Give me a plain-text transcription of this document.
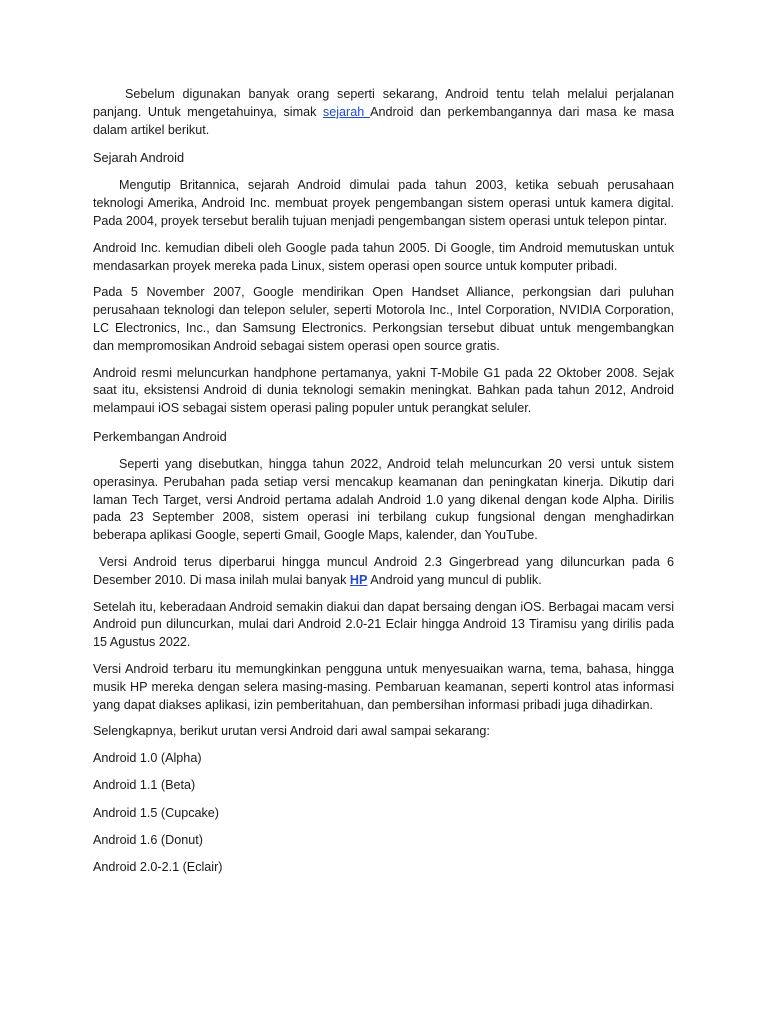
Sebelum digunakan banyak orang seperti sekarang, Android tentu telah melalui perjalanan panjang. Untuk mengetahuinya, simak sejarah Android dan perkembangannya dari masa ke masa dalam artikel berikut.

Sejarah Android

Mengutip Britannica, sejarah Android dimulai pada tahun 2003, ketika sebuah perusahaan teknologi Amerika, Android Inc. membuat proyek pengembangan sistem operasi untuk kamera digital. Pada 2004, proyek tersebut beralih tujuan menjadi pengembangan sistem operasi untuk telepon pintar.

Android Inc. kemudian dibeli oleh Google pada tahun 2005. Di Google, tim Android memutuskan untuk mendasarkan proyek mereka pada Linux, sistem operasi open source untuk komputer pribadi.

Pada 5 November 2007, Google mendirikan Open Handset Alliance, perkongsian dari puluhan perusahaan teknologi dan telepon seluler, seperti Motorola Inc., Intel Corporation, NVIDIA Corporation, LC Electronics, Inc., dan Samsung Electronics. Perkongsian tersebut dibuat untuk mengembangkan dan mempromosikan Android sebagai sistem operasi open source gratis.

Android resmi meluncurkan handphone pertamanya, yakni T-Mobile G1 pada 22 Oktober 2008. Sejak saat itu, eksistensi Android di dunia teknologi semakin meningkat. Bahkan pada tahun 2012, Android melampaui iOS sebagai sistem operasi paling populer untuk perangkat seluler.

Perkembangan Android

Seperti yang disebutkan, hingga tahun 2022, Android telah meluncurkan 20 versi untuk sistem operasinya. Perubahan pada setiap versi mencakup keamanan dan peningkatan kinerja. Dikutip dari laman Tech Target, versi Android pertama adalah Android 1.0 yang dikenal dengan kode Alpha. Dirilis pada 23 September 2008, sistem operasi ini terbilang cukup fungsional dengan menghadirkan beberapa aplikasi Google, seperti Gmail, Google Maps, kalender, dan YouTube.

Versi Android terus diperbarui hingga muncul Android 2.3 Gingerbread yang diluncurkan pada 6 Desember 2010. Di masa inilah mulai banyak HP Android yang muncul di publik.

Setelah itu, keberadaan Android semakin diakui dan dapat bersaing dengan iOS. Berbagai macam versi Android pun diluncurkan, mulai dari Android 2.0-21 Eclair hingga Android 13 Tiramisu yang dirilis pada 15 Agustus 2022.

Versi Android terbaru itu memungkinkan pengguna untuk menyesuaikan warna, tema, bahasa, hingga musik HP mereka dengan selera masing-masing. Pembaruan keamanan, seperti kontrol atas informasi yang dapat diakses aplikasi, izin pemberitahuan, dan pembersihan informasi pribadi juga dihadirkan.

Selengkapnya, berikut urutan versi Android dari awal sampai sekarang:

Android 1.0 (Alpha)

Android 1.1 (Beta)

Android 1.5 (Cupcake)

Android 1.6 (Donut)

Android 2.0-2.1 (Eclair)
